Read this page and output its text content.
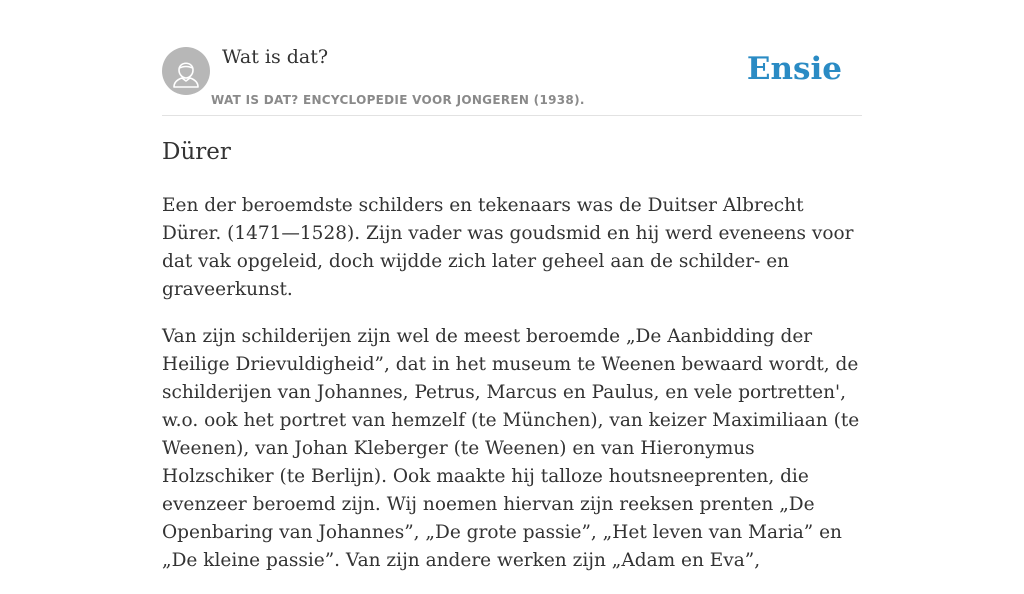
Wat is dat?
WAT IS DAT? ENCYCLOPEDIE VOOR JONGEREN (1938).
Ensie
Dürer

Een der beroemdste schilders en tekenaars was de Duitser Albrecht Dürer. (1471—1528). Zijn vader was goudsmid en hij werd eveneens voor dat vak opgeleid, doch wijdde zich later geheel aan de schilder- en graveerkunst.

Van zijn schilderijen zijn wel de meest beroemde „De Aanbidding der Heilige Drievuldigheid”, dat in het museum te Weenen bewaard wordt, de schilderijen van Johannes, Petrus, Marcus en Paulus, en vele portretten', w.o. ook het portret van hemzelf (te München), van keizer Maximiliaan (te Weenen), van Johan Kleberger (te Weenen) en van Hieronymus Holzschiker (te Berlijn). Ook maakte hij talloze houtsneeprenten, die evenzeer beroemd zijn. Wij noemen hiervan zijn reeksen prenten „De Openbaring van Johannes”, „De grote passie”, „Het leven van Maria” en „De kleine passie”. Van zijn andere werken zijn „Adam en Eva”,
